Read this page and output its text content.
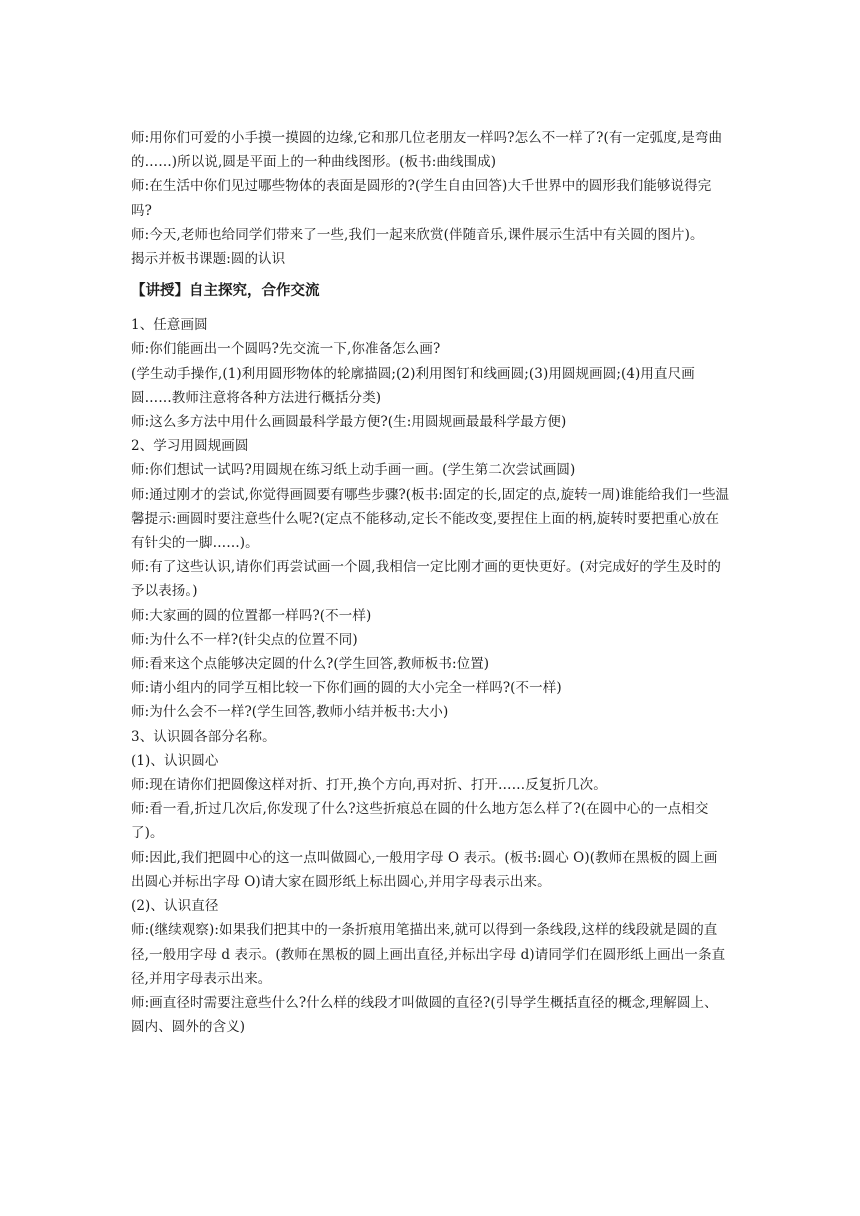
师:用你们可爱的小手摸一摸圆的边缘,它和那几位老朋友一样吗?怎么不一样了?(有一定弧度,是弯曲的……)所以说,圆是平面上的一种曲线图形。(板书:曲线围成)

师:在生活中你们见过哪些物体的表面是圆形的?(学生自由回答)大千世界中的圆形我们能够说得完吗?

师:今天,老师也给同学们带来了一些,我们一起来欣赏(伴随音乐,课件展示生活中有关圆的图片)。

揭示并板书课题:圆的认识

【讲授】自主探究，合作交流

1、任意画圆

师:你们能画出一个圆吗?先交流一下,你准备怎么画?

(学生动手操作,(1)利用圆形物体的轮廓描圆;(2)利用图钉和线画圆;(3)用圆规画圆;(4)用直尺画圆……教师注意将各种方法进行概括分类)

师:这么多方法中用什么画圆最科学最方便?(生:用圆规画最最科学最方便)

2、学习用圆规画圆

师:你们想试一试吗?用圆规在练习纸上动手画一画。(学生第二次尝试画圆)

师:通过刚才的尝试,你觉得画圆要有哪些步骤?(板书:固定的长,固定的点,旋转一周)谁能给我们一些温馨提示:画圆时要注意些什么呢?(定点不能移动,定长不能改变,要捏住上面的柄,旋转时要把重心放在有针尖的一脚……)。

师:有了这些认识,请你们再尝试画一个圆,我相信一定比刚才画的更快更好。(对完成好的学生及时的予以表扬。)

师:大家画的圆的位置都一样吗?(不一样)

师:为什么不一样?(针尖点的位置不同)

师:看来这个点能够决定圆的什么?(学生回答,教师板书:位置)

师:请小组内的同学互相比较一下你们画的圆的大小完全一样吗?(不一样)

师:为什么会不一样?(学生回答,教师小结并板书:大小)

3、认识圆各部分名称。

(1)、认识圆心

师:现在请你们把圆像这样对折、打开,换个方向,再对折、打开……反复折几次。

师:看一看,折过几次后,你发现了什么?这些折痕总在圆的什么地方怎么样了?(在圆中心的一点相交了)。

师:因此,我们把圆中心的这一点叫做圆心,一般用字母 O 表示。(板书:圆心 O)(教师在黑板的圆上画出圆心并标出字母 O)请大家在圆形纸上标出圆心,并用字母表示出来。

(2)、认识直径

师:(继续观察):如果我们把其中的一条折痕用笔描出来,就可以得到一条线段,这样的线段就是圆的直径,一般用字母 d 表示。(教师在黑板的圆上画出直径,并标出字母 d)请同学们在圆形纸上画出一条直径,并用字母表示出来。

师:画直径时需要注意些什么?什么样的线段才叫做圆的直径?(引导学生概括直径的概念,理解圆上、圆内、圆外的含义)
